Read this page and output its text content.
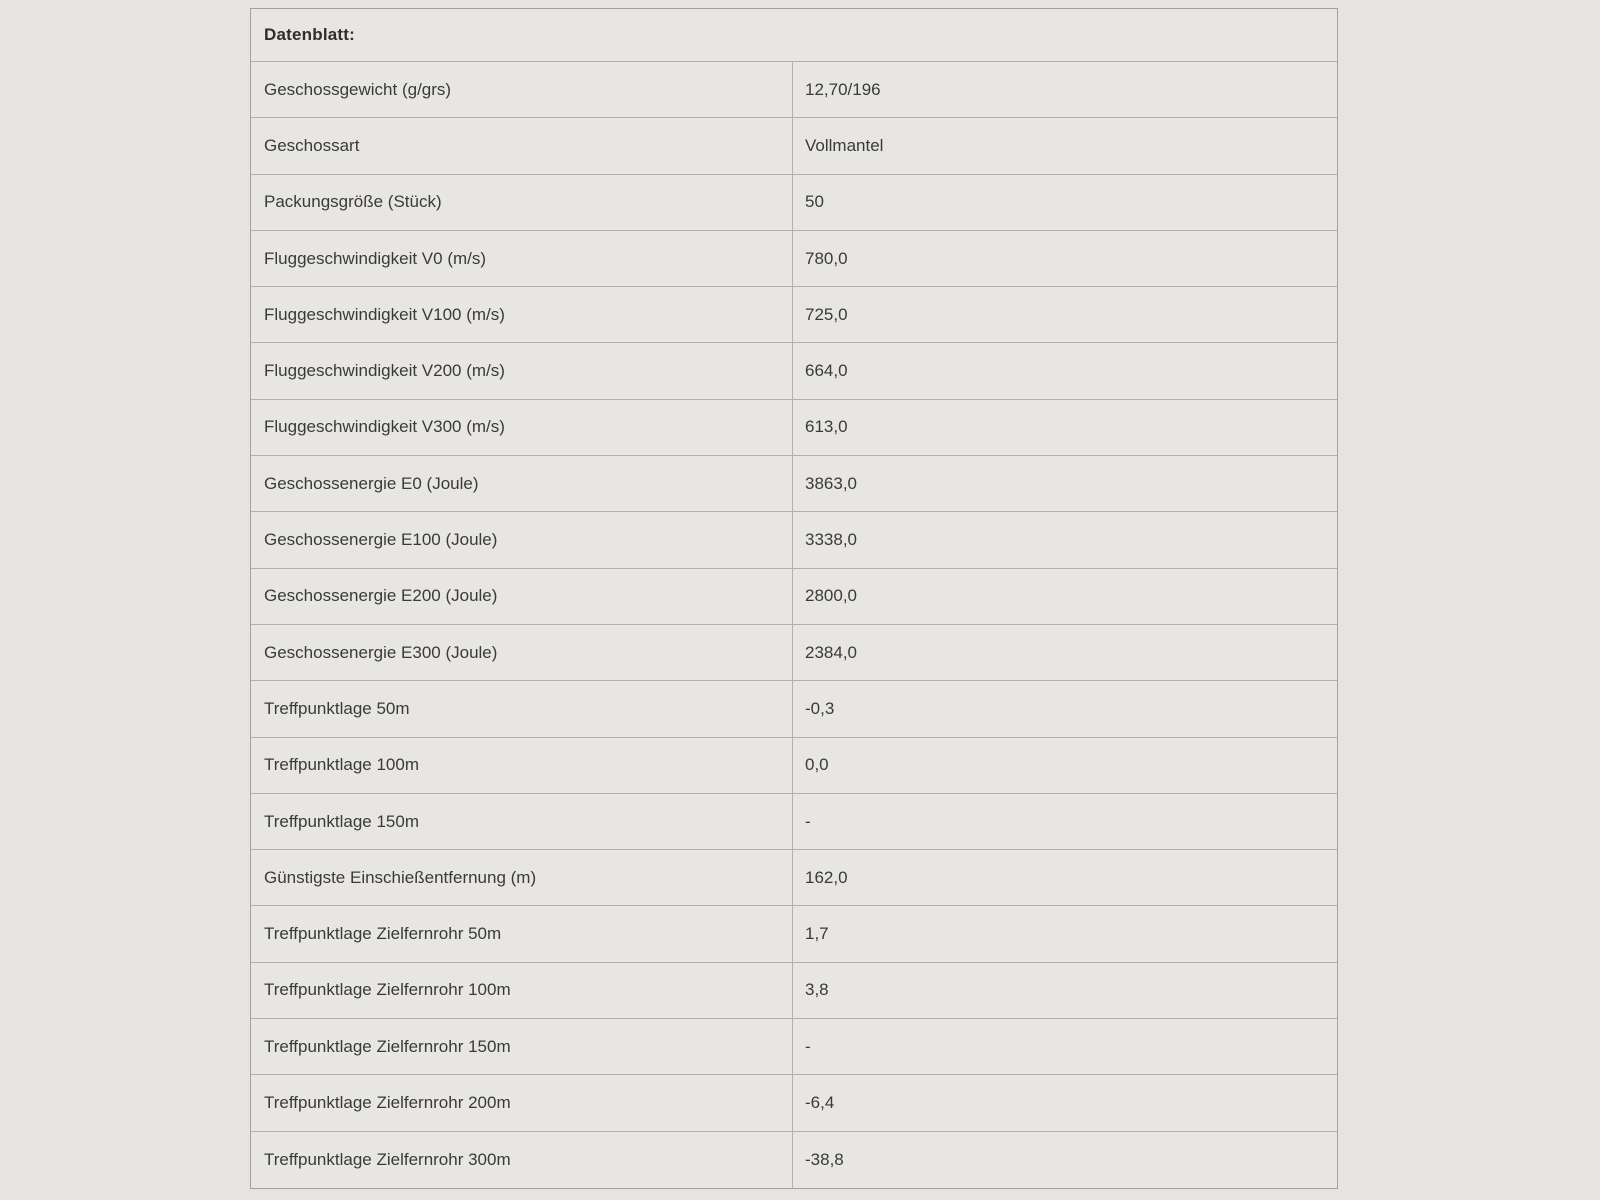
Datenblatt:
Geschossgewicht (g/grs)	12,70/196
Geschossart	Vollmantel
Packungsgröße (Stück)	50
Fluggeschwindigkeit V0 (m/s)	780,0
Fluggeschwindigkeit V100 (m/s)	725,0
Fluggeschwindigkeit V200 (m/s)	664,0
Fluggeschwindigkeit V300 (m/s)	613,0
Geschossenergie E0 (Joule)	3863,0
Geschossenergie E100 (Joule)	3338,0
Geschossenergie E200 (Joule)	2800,0
Geschossenergie E300 (Joule)	2384,0
Treffpunktlage 50m	-0,3
Treffpunktlage 100m	0,0
Treffpunktlage 150m	-
Günstigste Einschießentfernung (m)	162,0
Treffpunktlage Zielfernrohr 50m	1,7
Treffpunktlage Zielfernrohr 100m	3,8
Treffpunktlage Zielfernrohr 150m	-
Treffpunktlage Zielfernrohr 200m	-6,4
Treffpunktlage Zielfernrohr 300m	-38,8
